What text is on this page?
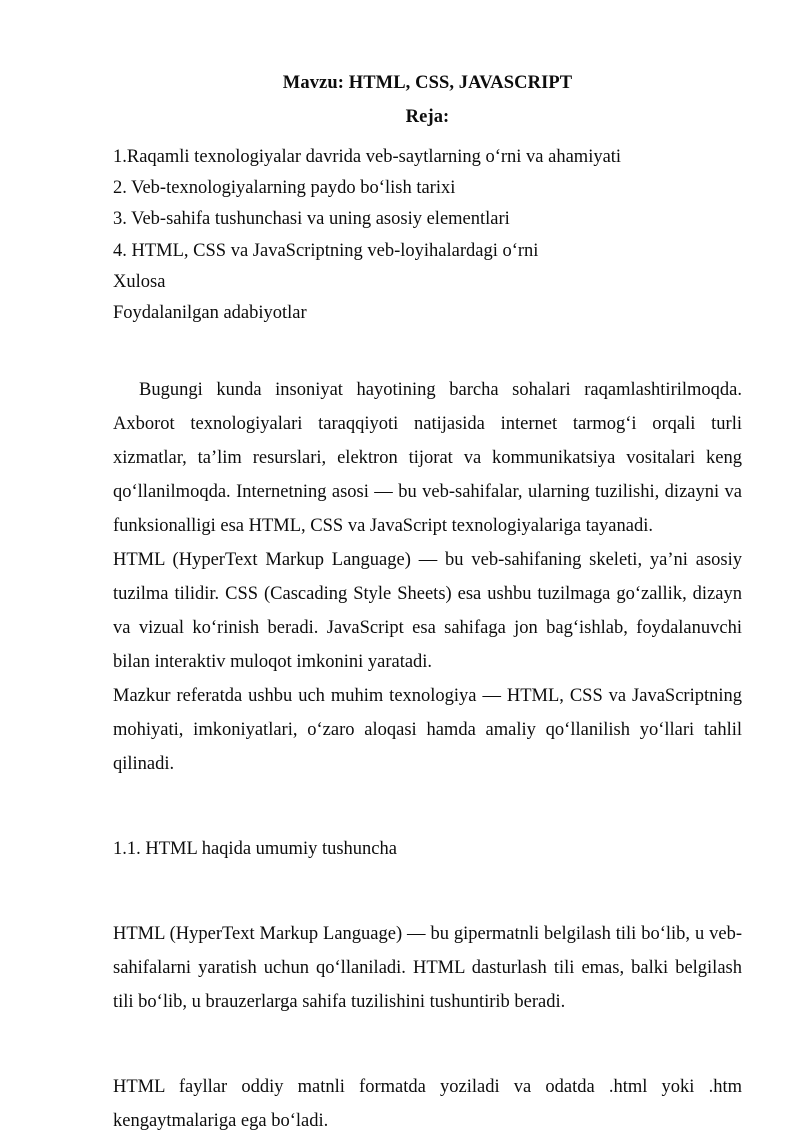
Mavzu: HTML, CSS, JAVASCRIPT
Reja:
1.Raqamli texnologiyalar davrida veb-saytlarning oʻrni va ahamiyati
2. Veb-texnologiyalarning paydo boʻlish tarixi
3. Veb-sahifa tushunchasi va uning asosiy elementlari
4. HTML, CSS va JavaScriptning veb-loyihalardagi oʻrni
Xulosa
Foydalanilgan adabiyotlar

Bugungi kunda insoniyat hayotining barcha sohalari raqamlashtirilmoqda. Axborot texnologiyalari taraqqiyoti natijasida internet tarmogʻi orqali turli xizmatlar, ta’lim resurslari, elektron tijorat va kommunikatsiya vositalari keng qoʻllanilmoqda. Internetning asosi — bu veb-sahifalar, ularning tuzilishi, dizayni va funksionalligi esa HTML, CSS va JavaScript texnologiyalariga tayanadi.

HTML (HyperText Markup Language) — bu veb-sahifaning skeleti, ya’ni asosiy tuzilma tilidir. CSS (Cascading Style Sheets) esa ushbu tuzilmaga goʻzallik, dizayn va vizual koʻrinish beradi. JavaScript esa sahifaga jon bagʻishlab, foydalanuvchi bilan interaktiv muloqot imkonini yaratadi.

Mazkur referatda ushbu uch muhim texnologiya — HTML, CSS va JavaScriptning mohiyati, imkoniyatlari, oʻzaro aloqasi hamda amaliy qoʻllanilish yoʻllari tahlil qilinadi.

1.1. HTML haqida umumiy tushuncha

HTML (HyperText Markup Language) — bu gipermatnli belgilash tili boʻlib, u veb-sahifalarni yaratish uchun qoʻllaniladi. HTML dasturlash tili emas, balki belgilash tili boʻlib, u brauzerlarga sahifa tuzilishini tushuntirib beradi.

HTML fayllar oddiy matnli formatda yoziladi va odatda .html yoki .htm kengaytmalariga ega boʻladi.
